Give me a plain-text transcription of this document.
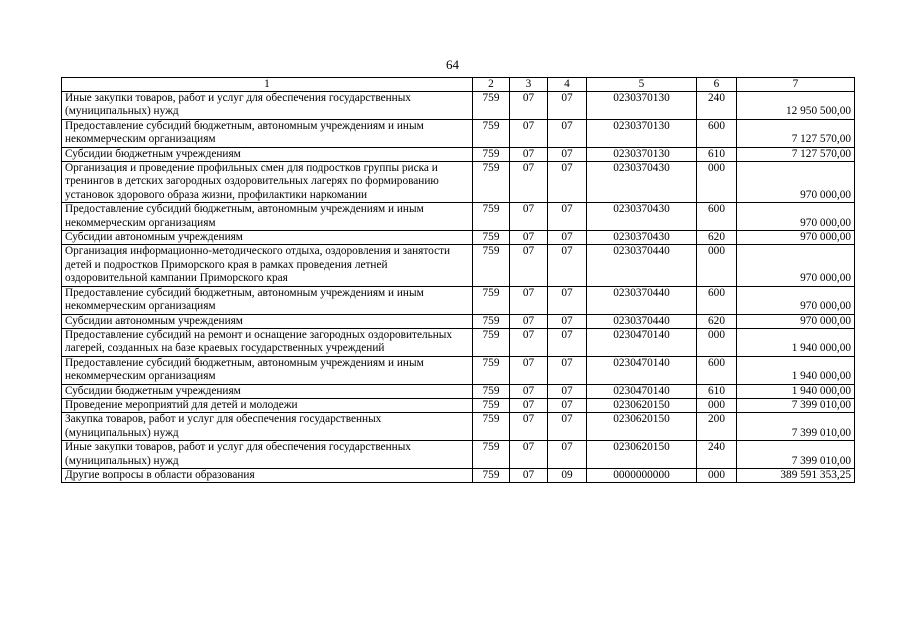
64
1	2	3	4	5	6	7
Иные закупки товаров, работ и услуг для обеспечения государственных (муниципальных) нужд	759	07	07	0230370130	240	12 950 500,00
Предоставление субсидий бюджетным, автономным учреждениям и иным некоммерческим организациям	759	07	07	0230370130	600	7 127 570,00
Субсидии бюджетным учреждениям	759	07	07	0230370130	610	7 127 570,00
Организация и проведение профильных смен для подростков группы риска и тренингов в детских загородных оздоровительных лагерях по формированию установок здорового образа жизни, профилактики наркомании	759	07	07	0230370430	000	970 000,00
Предоставление субсидий бюджетным, автономным учреждениям и иным некоммерческим организациям	759	07	07	0230370430	600	970 000,00
Субсидии автономным учреждениям	759	07	07	0230370430	620	970 000,00
Организация информационно-методического отдыха, оздоровления и занятости детей и подростков Приморского края в рамках проведения летней оздоровительной кампании Приморского края	759	07	07	0230370440	000	970 000,00
Предоставление субсидий бюджетным, автономным учреждениям и иным некоммерческим организациям	759	07	07	0230370440	600	970 000,00
Субсидии автономным учреждениям	759	07	07	0230370440	620	970 000,00
Предоставление субсидий на ремонт и оснащение загородных оздоровительных лагерей, созданных на базе краевых государственных учреждений	759	07	07	0230470140	000	1 940 000,00
Предоставление субсидий бюджетным, автономным учреждениям и иным некоммерческим организациям	759	07	07	0230470140	600	1 940 000,00
Субсидии бюджетным учреждениям	759	07	07	0230470140	610	1 940 000,00
Проведение мероприятий для детей и молодежи	759	07	07	0230620150	000	7 399 010,00
Закупка товаров, работ и услуг для обеспечения государственных (муниципальных) нужд	759	07	07	0230620150	200	7 399 010,00
Иные закупки товаров, работ и услуг для обеспечения государственных (муниципальных) нужд	759	07	07	0230620150	240	7 399 010,00
Другие вопросы в области образования	759	07	09	0000000000	000	389 591 353,25
